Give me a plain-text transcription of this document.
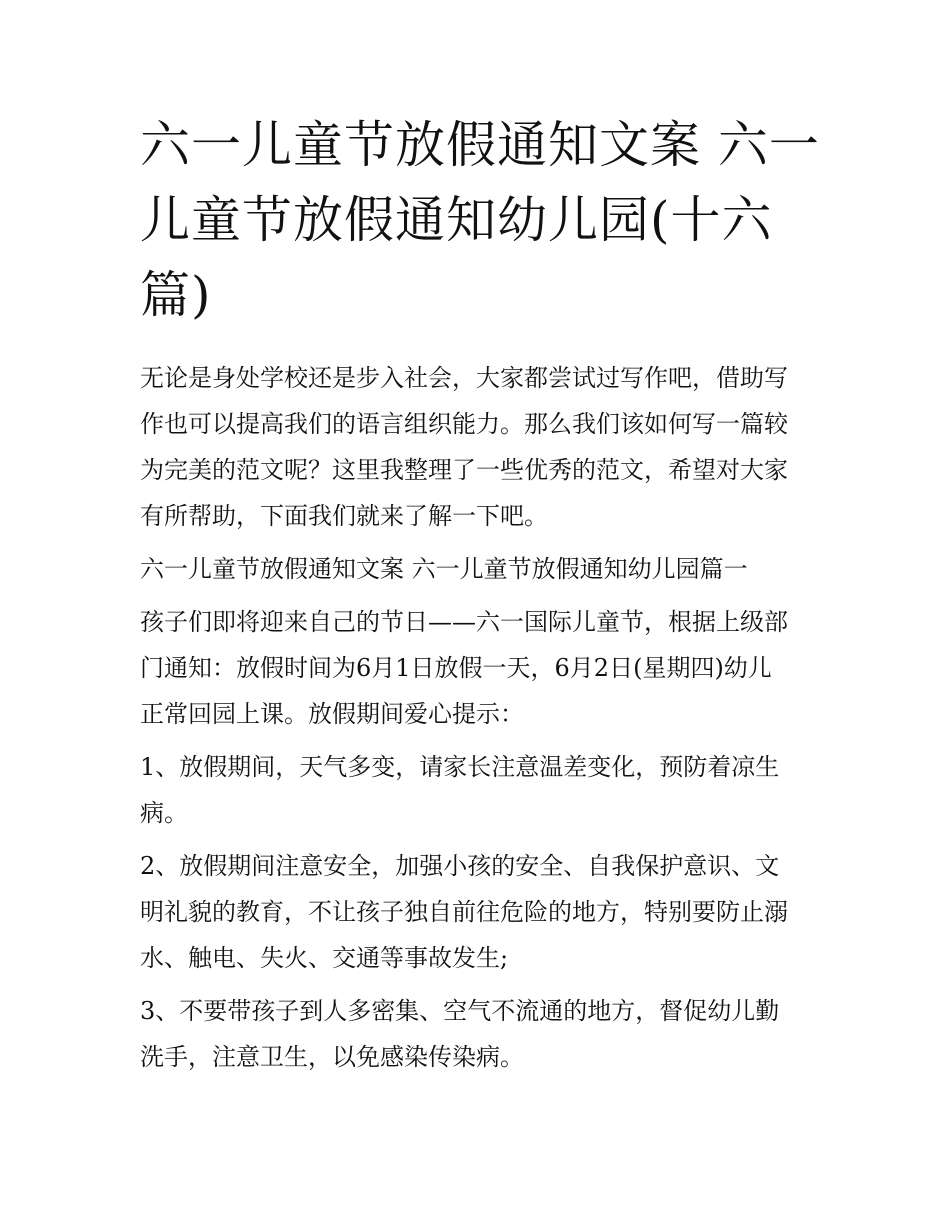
六一儿童节放假通知文案 六一
儿童节放假通知幼儿园(十六
篇)

无论是身处学校还是步入社会，大家都尝试过写作吧，借助写
作也可以提高我们的语言组织能力。那么我们该如何写一篇较
为完美的范文呢？这里我整理了一些优秀的范文，希望对大家
有所帮助，下面我们就来了解一下吧。

六一儿童节放假通知文案 六一儿童节放假通知幼儿园篇一

孩子们即将迎来自己的节日——六一国际儿童节，根据上级部
门通知：放假时间为6月1日放假一天，6月2日(星期四)幼儿
正常回园上课。放假期间爱心提示：

1、放假期间，天气多变，请家长注意温差变化，预防着凉生
病。

2、放假期间注意安全，加强小孩的安全、自我保护意识、文
明礼貌的教育，不让孩子独自前往危险的地方，特别要防止溺
水、触电、失火、交通等事故发生;

3、不要带孩子到人多密集、空气不流通的地方，督促幼儿勤
洗手，注意卫生，以免感染传染病。
